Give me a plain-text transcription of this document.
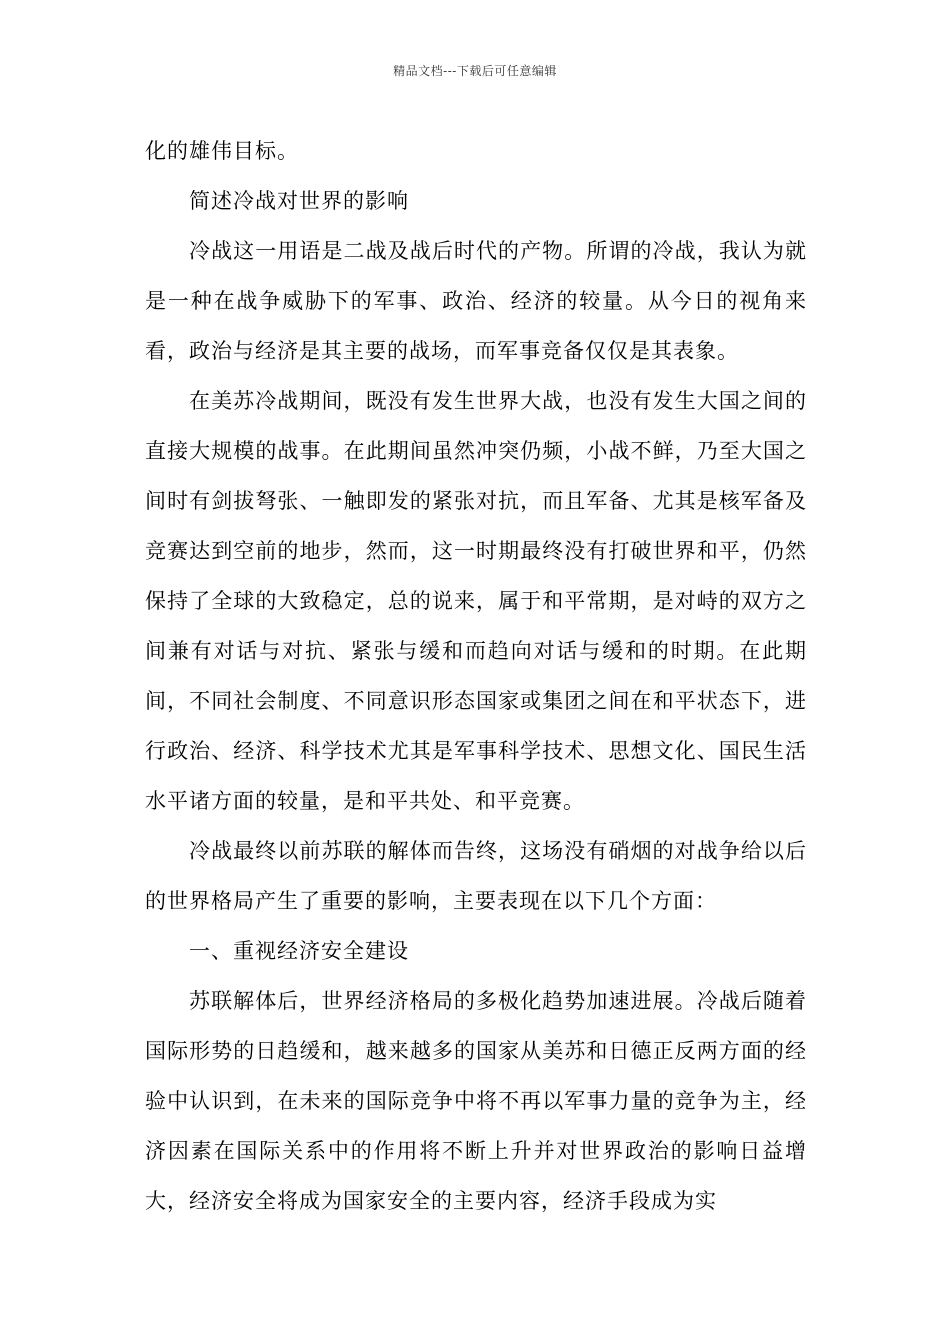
精品文档---下载后可任意编辑

化的雄伟目标。

简述冷战对世界的影响

冷战这一用语是二战及战后时代的产物。所谓的冷战，我认为就是一种在战争威胁下的军事、政治、经济的较量。从今日的视角来看，政治与经济是其主要的战场，而军事竞备仅仅是其表象。

在美苏冷战期间，既没有发生世界大战，也没有发生大国之间的直接大规模的战事。在此期间虽然冲突仍频，小战不鲜，乃至大国之间时有剑拔弩张、一触即发的紧张对抗，而且军备、尤其是核军备及竞赛达到空前的地步，然而，这一时期最终没有打破世界和平，仍然保持了全球的大致稳定，总的说来，属于和平常期，是对峙的双方之间兼有对话与对抗、紧张与缓和而趋向对话与缓和的时期。在此期间，不同社会制度、不同意识形态国家或集团之间在和平状态下，进行政治、经济、科学技术尤其是军事科学技术、思想文化、国民生活水平诸方面的较量，是和平共处、和平竞赛。

冷战最终以前苏联的解体而告终，这场没有硝烟的对战争给以后的世界格局产生了重要的影响，主要表现在以下几个方面：

一、重视经济安全建设

苏联解体后，世界经济格局的多极化趋势加速进展。冷战后随着国际形势的日趋缓和，越来越多的国家从美苏和日德正反两方面的经验中认识到，在未来的国际竞争中将不再以军事力量的竞争为主，经济因素在国际关系中的作用将不断上升并对世界政治的影响日益增大，经济安全将成为国家安全的主要内容，经济手段成为实
